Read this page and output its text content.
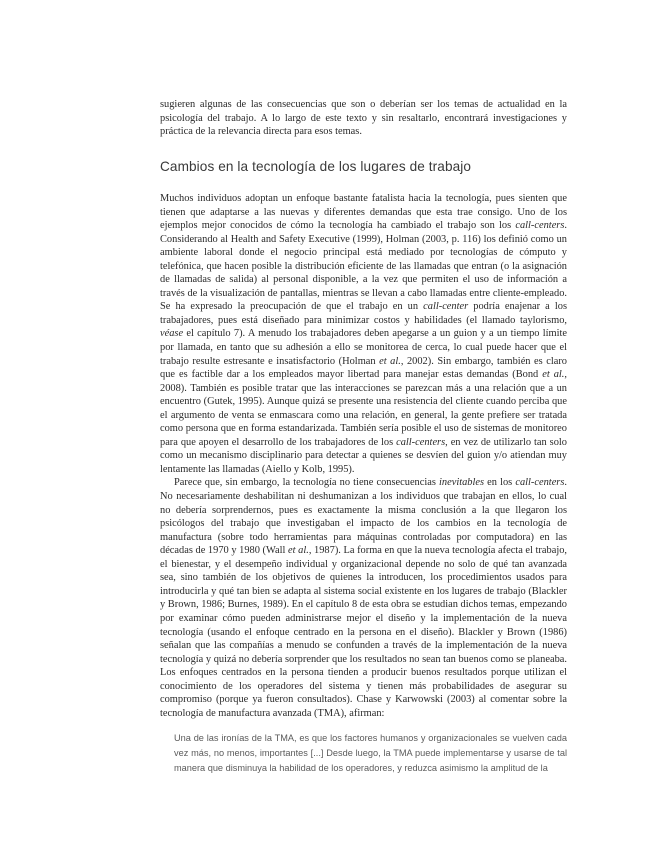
sugieren algunas de las consecuencias que son o deberían ser los temas de actualidad en la psicología del trabajo. A lo largo de este texto y sin resaltarlo, encontrará investigaciones y práctica de la relevancia directa para esos temas.

Cambios en la tecnología de los lugares de trabajo

Muchos individuos adoptan un enfoque bastante fatalista hacia la tecnología, pues sienten que tienen que adaptarse a las nuevas y diferentes demandas que esta trae consigo. Uno de los ejemplos mejor conocidos de cómo la tecnología ha cambiado el trabajo son los call-centers. Considerando al Health and Safety Executive (1999), Holman (2003, p. 116) los definió como un ambiente laboral donde el negocio principal está mediado por tecnologías de cómputo y telefónica, que hacen posible la distribución eficiente de las llamadas que entran (o la asignación de llamadas de salida) al personal disponible, a la vez que permiten el uso de información a través de la visualización de pantallas, mientras se llevan a cabo llamadas entre cliente-empleado. Se ha expresado la preocupación de que el trabajo en un call-center podría enajenar a los trabajadores, pues está diseñado para minimizar costos y habilidades (el llamado taylorismo, véase el capítulo 7). A menudo los trabajadores deben apegarse a un guion y a un tiempo límite por llamada, en tanto que su adhesión a ello se monitorea de cerca, lo cual puede hacer que el trabajo resulte estresante e insatisfactorio (Holman et al., 2002). Sin embargo, también es claro que es factible dar a los empleados mayor libertad para manejar estas demandas (Bond et al., 2008). También es posible tratar que las interacciones se parezcan más a una relación que a un encuentro (Gutek, 1995). Aunque quizá se presente una resistencia del cliente cuando perciba que el argumento de venta se enmascara como una relación, en general, la gente prefiere ser tratada como persona que en forma estandarizada. También sería posible el uso de sistemas de monitoreo para que apoyen el desarrollo de los trabajadores de los call-centers, en vez de utilizarlo tan solo como un mecanismo disciplinario para detectar a quienes se desvíen del guion y/o atiendan muy lentamente las llamadas (Aiello y Kolb, 1995).

Parece que, sin embargo, la tecnología no tiene consecuencias inevitables en los call-centers. No necesariamente deshabilitan ni deshumanizan a los individuos que trabajan en ellos, lo cual no debería sorprendernos, pues es exactamente la misma conclusión a la que llegaron los psicólogos del trabajo que investigaban el impacto de los cambios en la tecnología de manufactura (sobre todo herramientas para máquinas controladas por computadora) en las décadas de 1970 y 1980 (Wall et al., 1987). La forma en que la nueva tecnología afecta el trabajo, el bienestar, y el desempeño individual y organizacional depende no solo de qué tan avanzada sea, sino también de los objetivos de quienes la introducen, los procedimientos usados para introducirla y qué tan bien se adapta al sistema social existente en los lugares de trabajo (Blackler y Brown, 1986; Burnes, 1989). En el capítulo 8 de esta obra se estudian dichos temas, empezando por examinar cómo pueden administrarse mejor el diseño y la implementación de la nueva tecnología (usando el enfoque centrado en la persona en el diseño). Blackler y Brown (1986) señalan que las compañías a menudo se confunden a través de la implementación de la nueva tecnología y quizá no debería sorprender que los resultados no sean tan buenos como se planeaba. Los enfoques centrados en la persona tienden a producir buenos resultados porque utilizan el conocimiento de los operadores del sistema y tienen más probabilidades de asegurar su compromiso (porque ya fueron consultados). Chase y Karwowski (2003) al comentar sobre la tecnología de manufactura avanzada (TMA), afirman:

Una de las ironías de la TMA, es que los factores humanos y organizacionales se vuelven cada vez más, no menos, importantes [...] Desde luego, la TMA puede implementarse y usarse de tal manera que disminuya la habilidad de los operadores, y reduzca asimismo la amplitud de la
